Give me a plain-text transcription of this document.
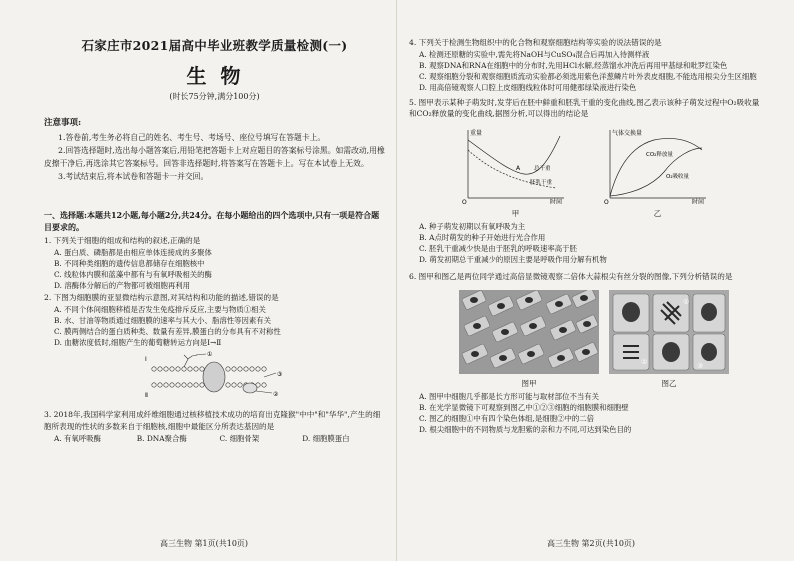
石家庄市2021届高中毕业班教学质量检测(一)
生物
(时长75分钟,满分100分)
注意事项:

1.答卷前,考生务必将自己的姓名、考生号、考场号、座位号填写在答题卡上。

2.回答选择题时,选出每小题答案后,用铅笔把答题卡上对应题目的答案标号涂黑。如需改动,用橡皮擦干净后,再选涂其它答案标号。回答非选择题时,将答案写在答题卡上。写在本试卷上无效。

3.考试结束后,将本试卷和答题卡一并交回。

一、选择题:本题共12小题,每小题2分,共24分。在每小题给出的四个选项中,只有一项是符合题目要求的。

1. 下列关于细胞的组成和结构的叙述,正确的是

A. 蛋白质、磷脂都是由相应单体连接成的多聚体

B. 不同种类细胞的遗传信息都储存在细胞核中

C. 线粒体内膜和蓝藻中都有与有氧呼吸相关的酶

D. 溶酶体分解后的产物都可被细胞再利用

2. 下图为细胞膜的亚显微结构示意图,对其结构和功能的描述,错误的是

A. 不同个体间细胞移植是否发生免疫排斥反应,主要与物质①相关

B. 水、甘油等物质通过细胞膜的速率与其大小、脂溶性等因素有关

C. 膜两侧结合的蛋白质种类、数量有差异,膜蛋白的分布具有不对称性

D. 血糖浓度低时,细胞产生的葡萄糖转运方向是Ⅰ→Ⅱ

Ⅰ
Ⅱ
①
③
②

3. 2018年,我国科学家利用成纤维细胞通过核移植技术成功的培育出克隆猴"中中"和"华华",产生的细胞所表现的性状的多数来自于细胞核,细胞中最能区分所表达基因的是

A. 有氧呼吸酶	B. DNA聚合酶	C. 细胞骨架	D. 细胞膜蛋白
高三生物 第1页(共10页)

4. 下列关于检测生物组织中的化合物和观察细胞结构等实验的说法错误的是

A. 检测还原糖的实验中,需先将NaOH与CuSO₄混合后再加入待测样液

B. 观察DNA和RNA在细胞中的分布时,先用HCl水解,经蒸馏水冲洗后再用甲基绿和吡罗红染色

C. 观察细胞分裂和观察细胞质流动实验都必须选用紫色洋葱鳞片叶外表皮细胞,不能选用根尖分生区细胞

D. 用高倍镜观察人口腔上皮细胞线粒体时可用健那绿染液进行染色

5. 图甲表示某种子萌发时,发芽后在胚中鲜重和胚乳干重的变化曲线,图乙表示该种子萌发过程中O₂吸收量和CO₂释放量的变化曲线,据图分析,可以得出的结论是

重量
时间
O
A	总干重
胚乳干重
甲
气体交换量
时间
O
CO₂释放量
O₂吸收量
乙

A. 种子萌发初期以有氧呼吸为主

B. A点时萌发的种子开始进行光合作用

C. 胚乳干重减少快是由于胚乳的呼吸速率高于胚

D. 萌发初期总干重减少的原因主要是呼吸作用分解有机物

6. 图甲和图乙是两位同学通过高倍显微镜观察二倍体大蒜根尖有丝分裂的图像,下列分析错误的是

图甲
①
②	③
图乙

A. 图甲中细胞几乎都是长方形可能与取材部位不当有关

B. 在光学显微镜下可观察到图乙中①②③细胞的细胞膜和细胞壁

C. 图乙的细胞①中有四个染色体组,是细胞②中的二倍

D. 根尖细胞中的不同物质与龙胆紫的亲和力不同,可达到染色目的

高三生物 第2页(共10页)
